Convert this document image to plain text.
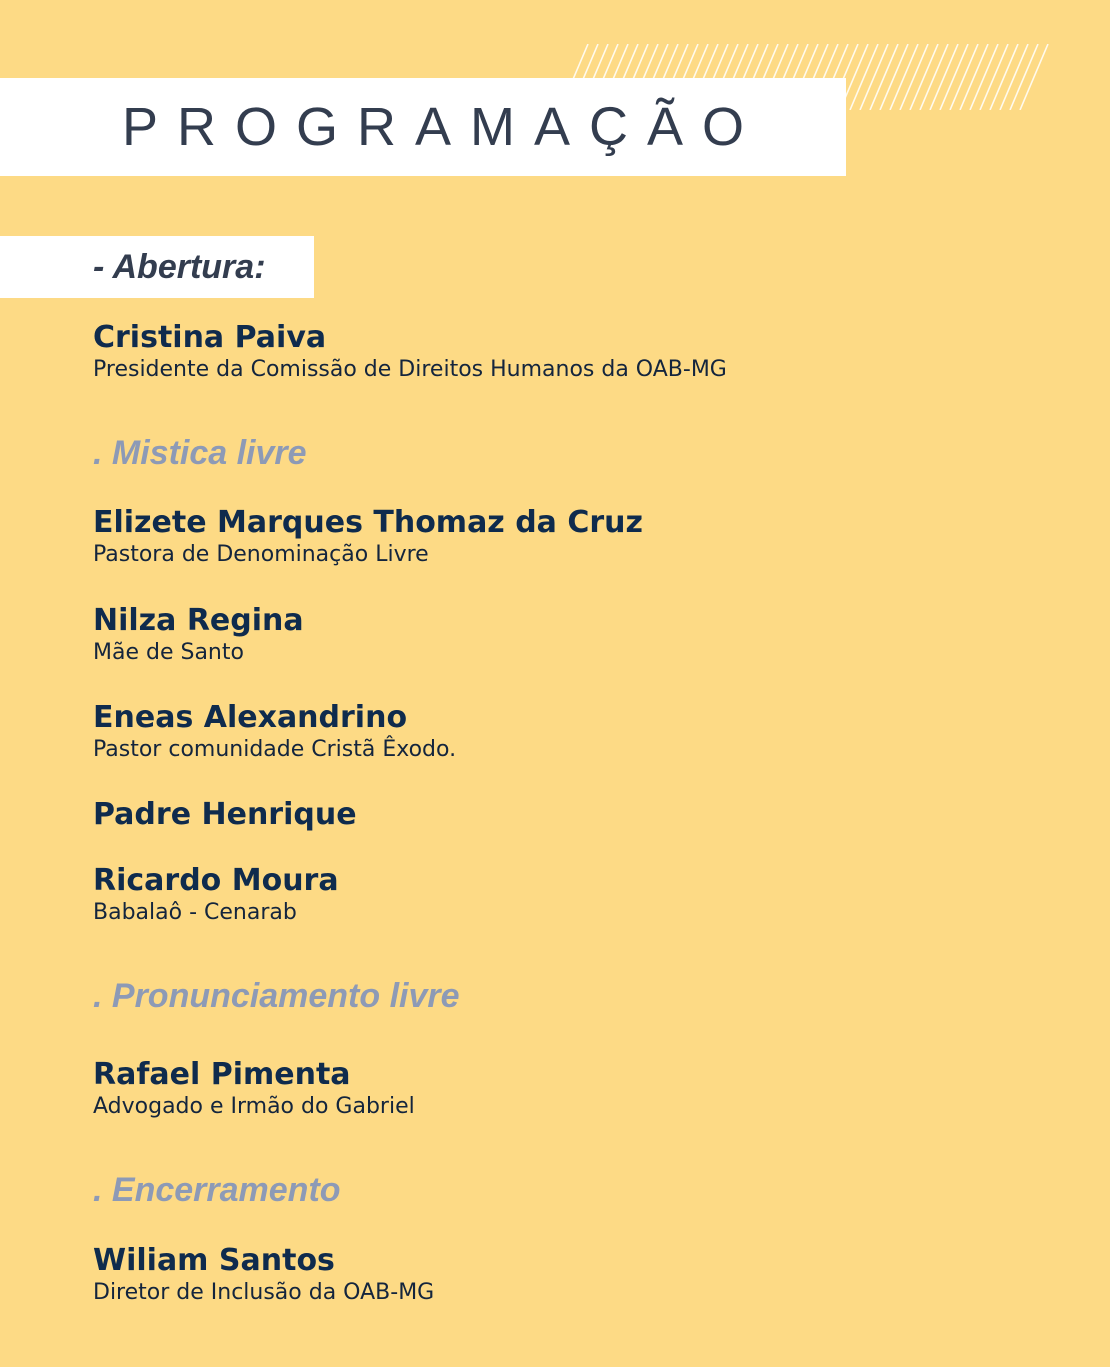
PROGRAMAÇÃO
- Abertura:
Cristina Paiva
Presidente da Comissão de Direitos Humanos da OAB-MG
. Mistica livre
Elizete Marques Thomaz da Cruz
Pastora de Denominação Livre
Nilza Regina
Mãe de Santo
Eneas Alexandrino
Pastor comunidade Cristã Êxodo.
Padre Henrique
Ricardo Moura
Babalaô - Cenarab
. Pronunciamento livre
Rafael Pimenta
Advogado e Irmão do Gabriel
. Encerramento
Wiliam Santos
Diretor de Inclusão da OAB-MG
